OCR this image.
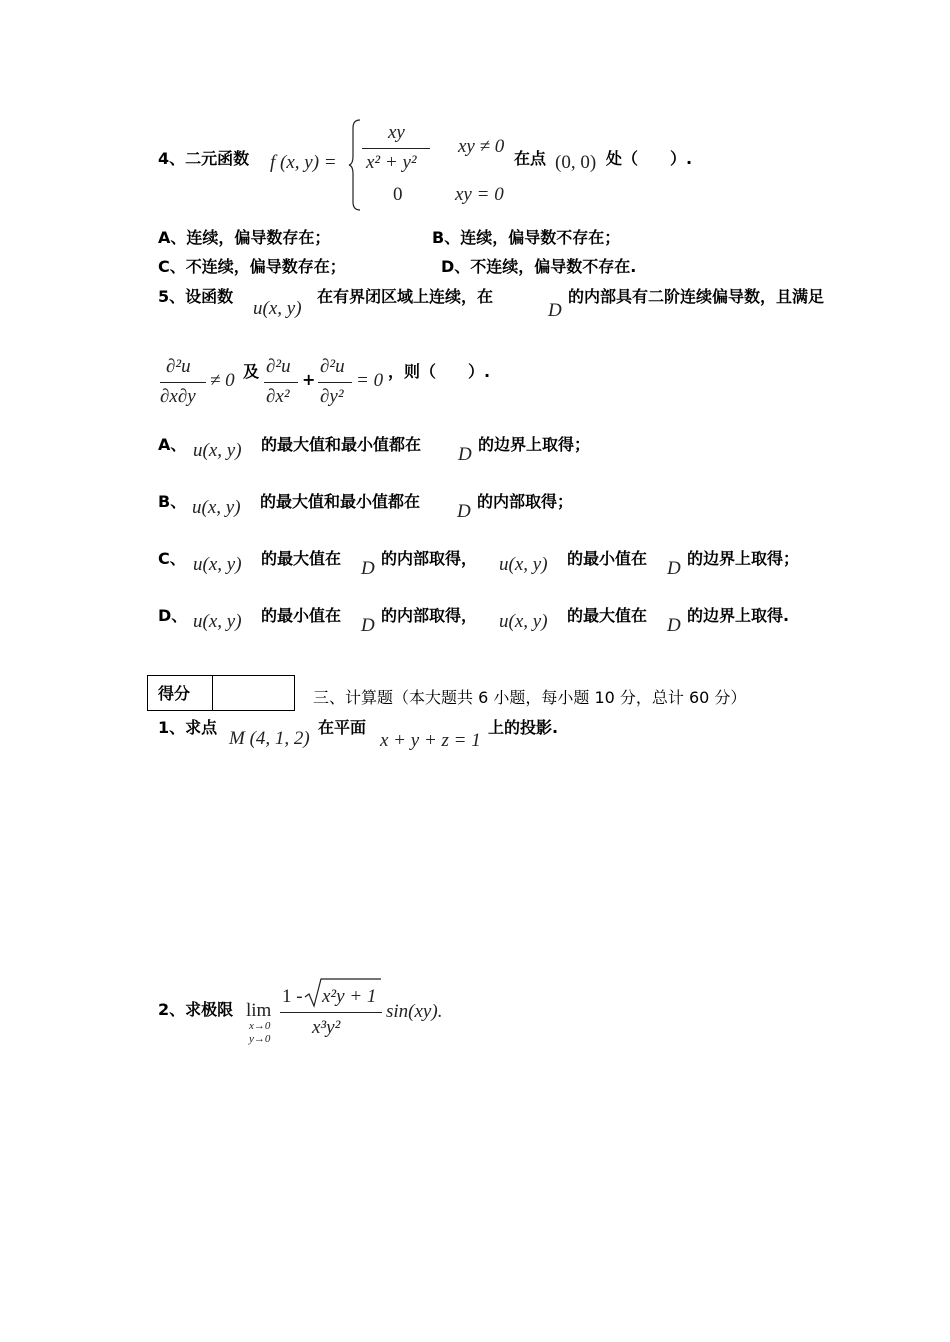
4、二元函数 f (x, y) =
xy
x² + y²
xy ≠ 0
0	xy = 0
在点 (0, 0) 处（　　）.
A、连续，偏导数存在；	B、连续，偏导数不存在；
C、不连续，偏导数存在；	D、不连续，偏导数不存在.
5、设函数
u(x, y)
在有界闭区域上连续，在
D
的内部具有二阶连续偏导数，且满足
∂²u
∂x∂y
≠ 0 及 ∂²u
∂x²
+
∂²u
∂y²
= 0 ，则（　　）.
A、 u(x, y) 的最大值和最小值都在 D 的边界上取得；
B、 u(x, y) 的最大值和最小值都在 D 的内部取得；
C、 u(x, y) 的最大值在 D 的内部取得， u(x, y) 的最小值在 D 的边界上取得；
D、 u(x, y) 的最小值在 D 的内部取得， u(x, y) 的最大值在 D 的边界上取得.
得分	三、计算题（本大题共 6 小题，每小题 10 分，总计 60 分）
1、求点
M (4, 1, 2)
在平面
x + y + z = 1
上的投影.
2、求极限 lim
x→0
y→0
1 - x²y + 1
x³y²
sin(xy).
